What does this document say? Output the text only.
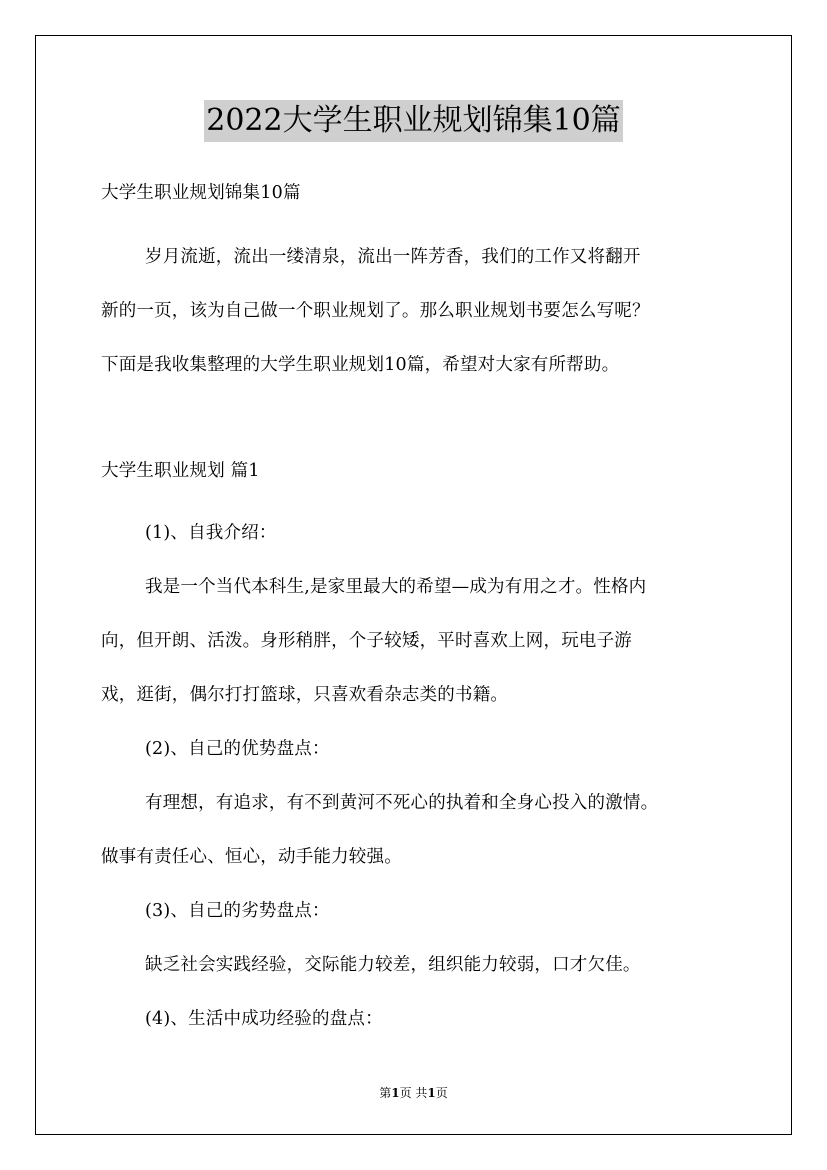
2022大学生职业规划锦集10篇

大学生职业规划锦集10篇

岁月流逝，流出一缕清泉，流出一阵芳香，我们的工作又将翻开

新的一页，该为自己做一个职业规划了。那么职业规划书要怎么写呢？

下面是我收集整理的大学生职业规划10篇，希望对大家有所帮助。

大学生职业规划 篇1

(1)、自我介绍：

我是一个当代本科生,是家里最大的希望—成为有用之才。性格内

向，但开朗、活泼。身形稍胖，个子较矮，平时喜欢上网，玩电子游

戏，逛街，偶尔打打篮球，只喜欢看杂志类的书籍。

(2)、自己的优势盘点：

有理想，有追求，有不到黄河不死心的执着和全身心投入的激情。

做事有责任心、恒心，动手能力较强。

(3)、自己的劣势盘点：

缺乏社会实践经验，交际能力较差，组织能力较弱，口才欠佳。

(4)、生活中成功经验的盘点：

第1页 共1页
